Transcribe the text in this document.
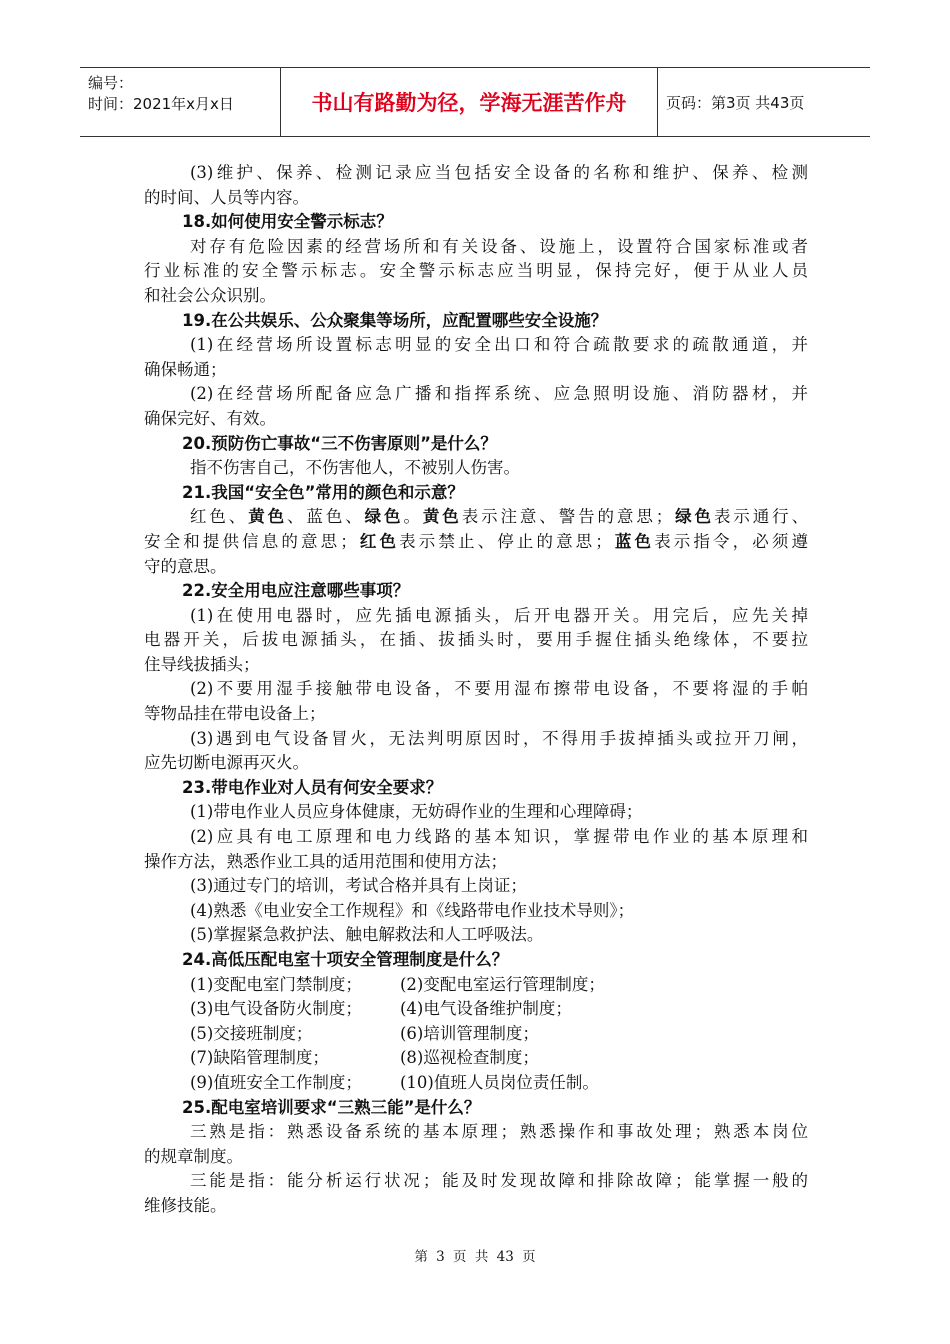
编号：
时间：2021年x月x日	书山有路勤为径，学海无涯苦作舟	页码：第3页 共43页
(3)维护、保养、检测记录应当包括安全设备的名称和维护、保养、检测
的时间、人员等内容。
18.如何使用安全警示标志？
对存有危险因素的经营场所和有关设备、设施上，设置符合国家标准或者
行业标准的安全警示标志。安全警示标志应当明显，保持完好，便于从业人员
和社会公众识别。
19.在公共娱乐、公众聚集等场所，应配置哪些安全设施？
(1)在经营场所设置标志明显的安全出口和符合疏散要求的疏散通道，并
确保畅通；
(2)在经营场所配备应急广播和指挥系统、应急照明设施、消防器材，并
确保完好、有效。
20.预防伤亡事故“三不伤害原则”是什么？
指不伤害自己，不伤害他人，不被别人伤害。
21.我国“安全色”常用的颜色和示意？
红色、黄色、蓝色、绿色。黄色表示注意、警告的意思；绿色表示通行、
安全和提供信息的意思；红色表示禁止、停止的意思；蓝色表示指令，必须遵
守的意思。
22.安全用电应注意哪些事项？
(1)在使用电器时，应先插电源插头，后开电器开关。用完后，应先关掉
电器开关，后拔电源插头，在插、拔插头时，要用手握住插头绝缘体，不要拉
住导线拔插头；
(2)不要用湿手接触带电设备，不要用湿布擦带电设备，不要将湿的手帕
等物品挂在带电设备上；
(3)遇到电气设备冒火，无法判明原因时，不得用手拔掉插头或拉开刀闸，
应先切断电源再灭火。
23.带电作业对人员有何安全要求？
(1)带电作业人员应身体健康，无妨碍作业的生理和心理障碍；
(2)应具有电工原理和电力线路的基本知识，掌握带电作业的基本原理和
操作方法，熟悉作业工具的适用范围和使用方法；
(3)通过专门的培训，考试合格并具有上岗证；
(4)熟悉《电业安全工作规程》和《线路带电作业技术导则》；
(5)掌握紧急救护法、触电解救法和人工呼吸法。
24.高低压配电室十项安全管理制度是什么？
(1)变配电室门禁制度； (2)变配电室运行管理制度；
(3)电气设备防火制度； (4)电气设备维护制度；
(5)交接班制度；	(6)培训管理制度；
(7)缺陷管理制度；	(8)巡视检查制度；
(9)值班安全工作制度； (10)值班人员岗位责任制。
25.配电室培训要求“三熟三能”是什么？
三熟是指：熟悉设备系统的基本原理；熟悉操作和事故处理；熟悉本岗位
的规章制度。
三能是指：能分析运行状况；能及时发现故障和排除故障；能掌握一般的
维修技能。
第 3 页 共 43 页
